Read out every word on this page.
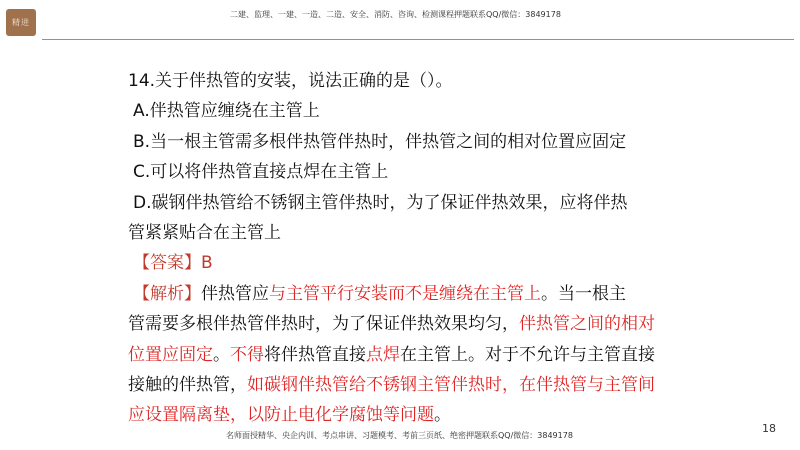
精进
二建、监理、一建、一造、二造、安全、消防、咨询、检测课程押题联系QQ/微信：3849178
14.关于伴热管的安装，说法正确的是（）。
A.伴热管应缠绕在主管上
B.当一根主管需多根伴热管伴热时，伴热管之间的相对位置应固定
C.可以将伴热管直接点焊在主管上
D.碳钢伴热管给不锈钢主管伴热时，为了保证伴热效果，应将伴热
管紧紧贴合在主管上
【答案】B
【解析】伴热管应与主管平行安装而不是缠绕在主管上。当一根主
管需要多根伴热管伴热时，为了保证伴热效果均匀，伴热管之间的相对
位置应固定。不得将伴热管直接点焊在主管上。对于不允许与主管直接
接触的伴热管，如碳钢伴热管给不锈钢主管伴热时，在伴热管与主管间
应设置隔离垫，以防止电化学腐蚀等问题。
18
名师面授精华、央企内训、考点串讲、习题模考、考前三页纸、绝密押题联系QQ/微信：3849178
